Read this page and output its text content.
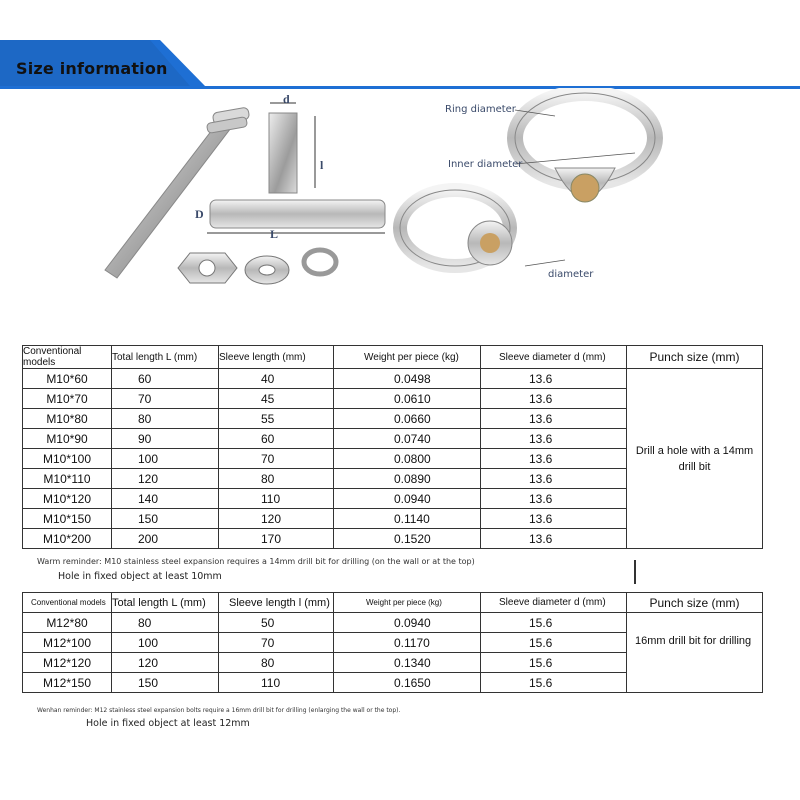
Size information
d
l
D
L
Ring diameter
Inner diameter
diameter
Conventional models	Total length L (mm)	Sleeve length (mm)	Weight per piece (kg)	Sleeve diameter d (mm)	Punch size (mm)
M10*60	60	40	0.0498	13.6	Drill a hole with a 14mm drill bit
M10*70	70	45	0.0610	13.6	
M10*80	80	55	0.0660	13.6	
M10*90	90	60	0.0740	13.6	
M10*100	100	70	0.0800	13.6	
M10*110	120	80	0.0890	13.6	
M10*120	140	110	0.0940	13.6	
M10*150	150	120	0.1140	13.6	
M10*200	200	170	0.1520	13.6	
Warm reminder: M10 stainless steel expansion requires a 14mm drill bit for drilling (on the wall or at the top)
Hole in fixed object at least 10mm
Conventional models	Total length L (mm)	Sleeve length l (mm)	Weight per piece (kg)	Sleeve diameter d (mm)	Punch size (mm)
M12*80	80	50	0.0940	15.6	16mm drill bit for drilling
M12*100	100	70	0.1170	15.6	
M12*120	120	80	0.1340	15.6	
M12*150	150	110	0.1650	15.6	
Wenhan reminder: M12 stainless steel expansion bolts require a 16mm drill bit for drilling (enlarging the wall or the top).
Hole in fixed object at least 12mm
